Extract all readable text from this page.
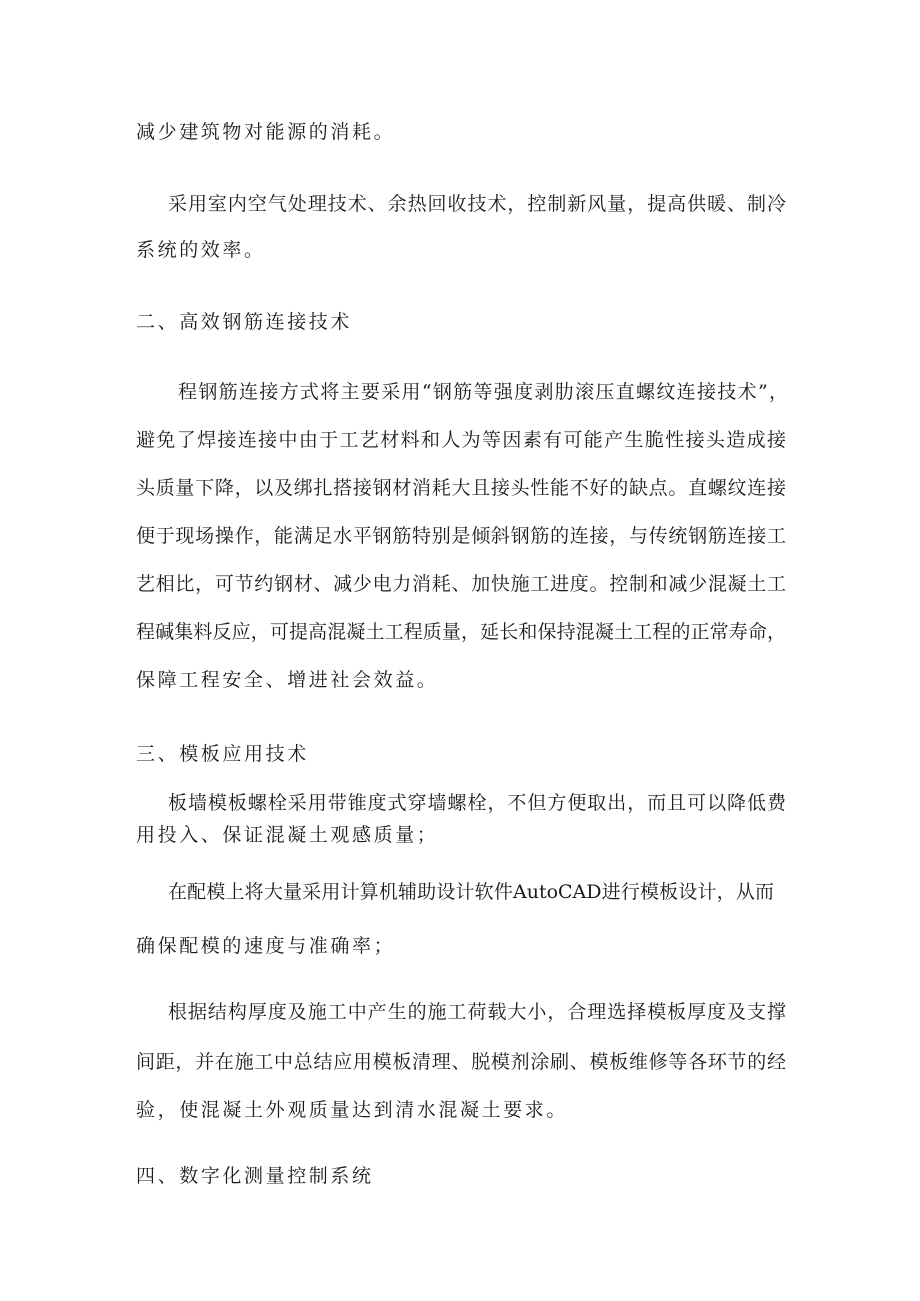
减少建筑物对能源的消耗。
采用室内空气处理技术、余热回收技术，控制新风量，提高供暖、制冷
系统的效率。
二、高效钢筋连接技术
程钢筋连接方式将主要采用“钢筋等强度剥肋滚压直螺纹连接技术”，
避免了焊接连接中由于工艺材料和人为等因素有可能产生脆性接头造成接
头质量下降，以及绑扎搭接钢材消耗大且接头性能不好的缺点。直螺纹连接
便于现场操作，能满足水平钢筋特别是倾斜钢筋的连接，与传统钢筋连接工
艺相比，可节约钢材、减少电力消耗、加快施工进度。控制和减少混凝土工
程碱集料反应，可提高混凝土工程质量，延长和保持混凝土工程的正常寿命，
保障工程安全、增进社会效益。
三、模板应用技术
板墙模板螺栓采用带锥度式穿墙螺栓，不但方便取出，而且可以降低费
用投入、保证混凝土观感质量；
在配模上将大量采用计算机辅助设计软件AutoCAD进行模板设计，从而
确保配模的速度与准确率；
根据结构厚度及施工中产生的施工荷载大小，合理选择模板厚度及支撑
间距，并在施工中总结应用模板清理、脱模剂涂刷、模板维修等各环节的经
验，使混凝土外观质量达到清水混凝土要求。
四、数字化测量控制系统
